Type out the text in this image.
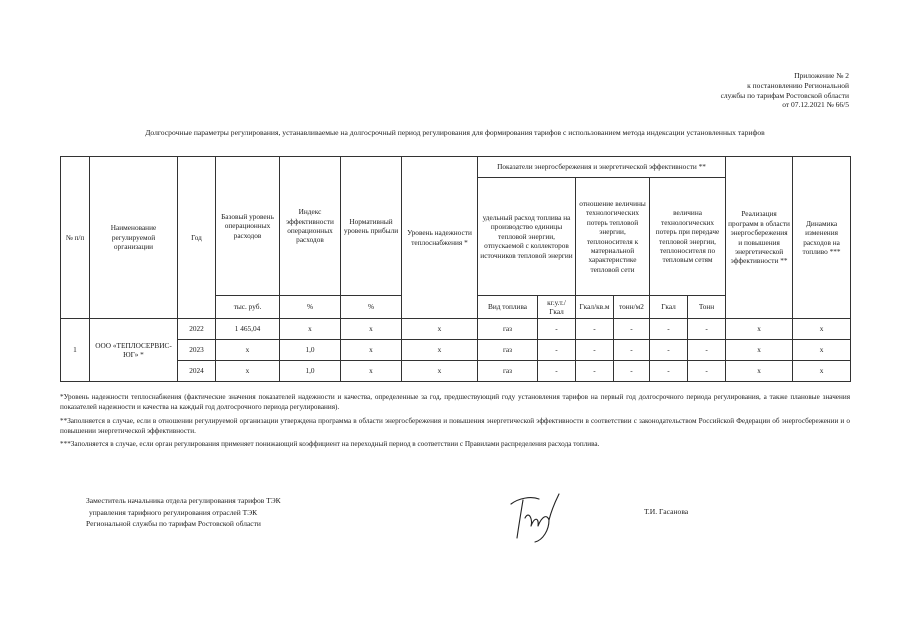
Приложение № 2
к постановлению Региональной
службы по тарифам Ростовской области
от 07.12.2021 № 66/5
Долгосрочные параметры регулирования, устанавливаемые на долгосрочный период регулирования для формирования тарифов с использованием метода индексации установленных тарифов
№ п/п	Наименование регулируемой организации	Год	Базовый уровень операционных расходов	Индекс эффективности операционных расходов	Нормативный уровень прибыли	Уровень надежности теплоснабжения *	Показатели энергосбережения и энергетической эффективности **						Реализация программ в области энергосбережения и повышения энергетической эффективности **	Динамика изменения расходов на топливо ***
							удельный расход топлива на производство единицы тепловой энергии, отпускаемой с коллекторов источников тепловой энергии		отношение величины технологических потерь тепловой энергии, теплоносителя к материальной характеристике тепловой сети		величина технологических потерь при передаче тепловой энергии, теплоносителя по тепловым сетям			
			тыс. руб.	%	%		Вид топлива	кг.у.т./Гкал	Гкал/кв.м	тонн/м2	Гкал	Тонн		
1	ООО «ТЕПЛОСЕРВИС-ЮГ» *	2022	1 465,04	x	x	x	газ	-	-	-	-	-	x	x
		2023	x	1,0	x	x	газ	-	-	-	-	-	x	x
		2024	x	1,0	x	x	газ	-	-	-	-	-	x	x

*Уровень надежности теплоснабжения (фактические значения показателей надежности и качества, определенные за год, предшествующий году установления тарифов на первый год долгосрочного периода регулирования, а также плановые значения показателей надежности и качества на каждый год долгосрочного периода регулирования).

**Заполняется в случае, если в отношении регулируемой организации утверждена программа в области энергосбережения и повышения энергетической эффективности в соответствии с законодательством Российской Федерации об энергосбережении и о повышении энергетической эффективности.

***Заполняется в случае, если орган регулирования применяет понижающий коэффициент на переходный период в соответствии с Правилами распределения расхода топлива.

Заместитель начальника отдела регулирования тарифов ТЭК
управления тарифного регулирования отраслей ТЭК
Региональной службы по тарифам Ростовской области
Т.И. Гасанова
